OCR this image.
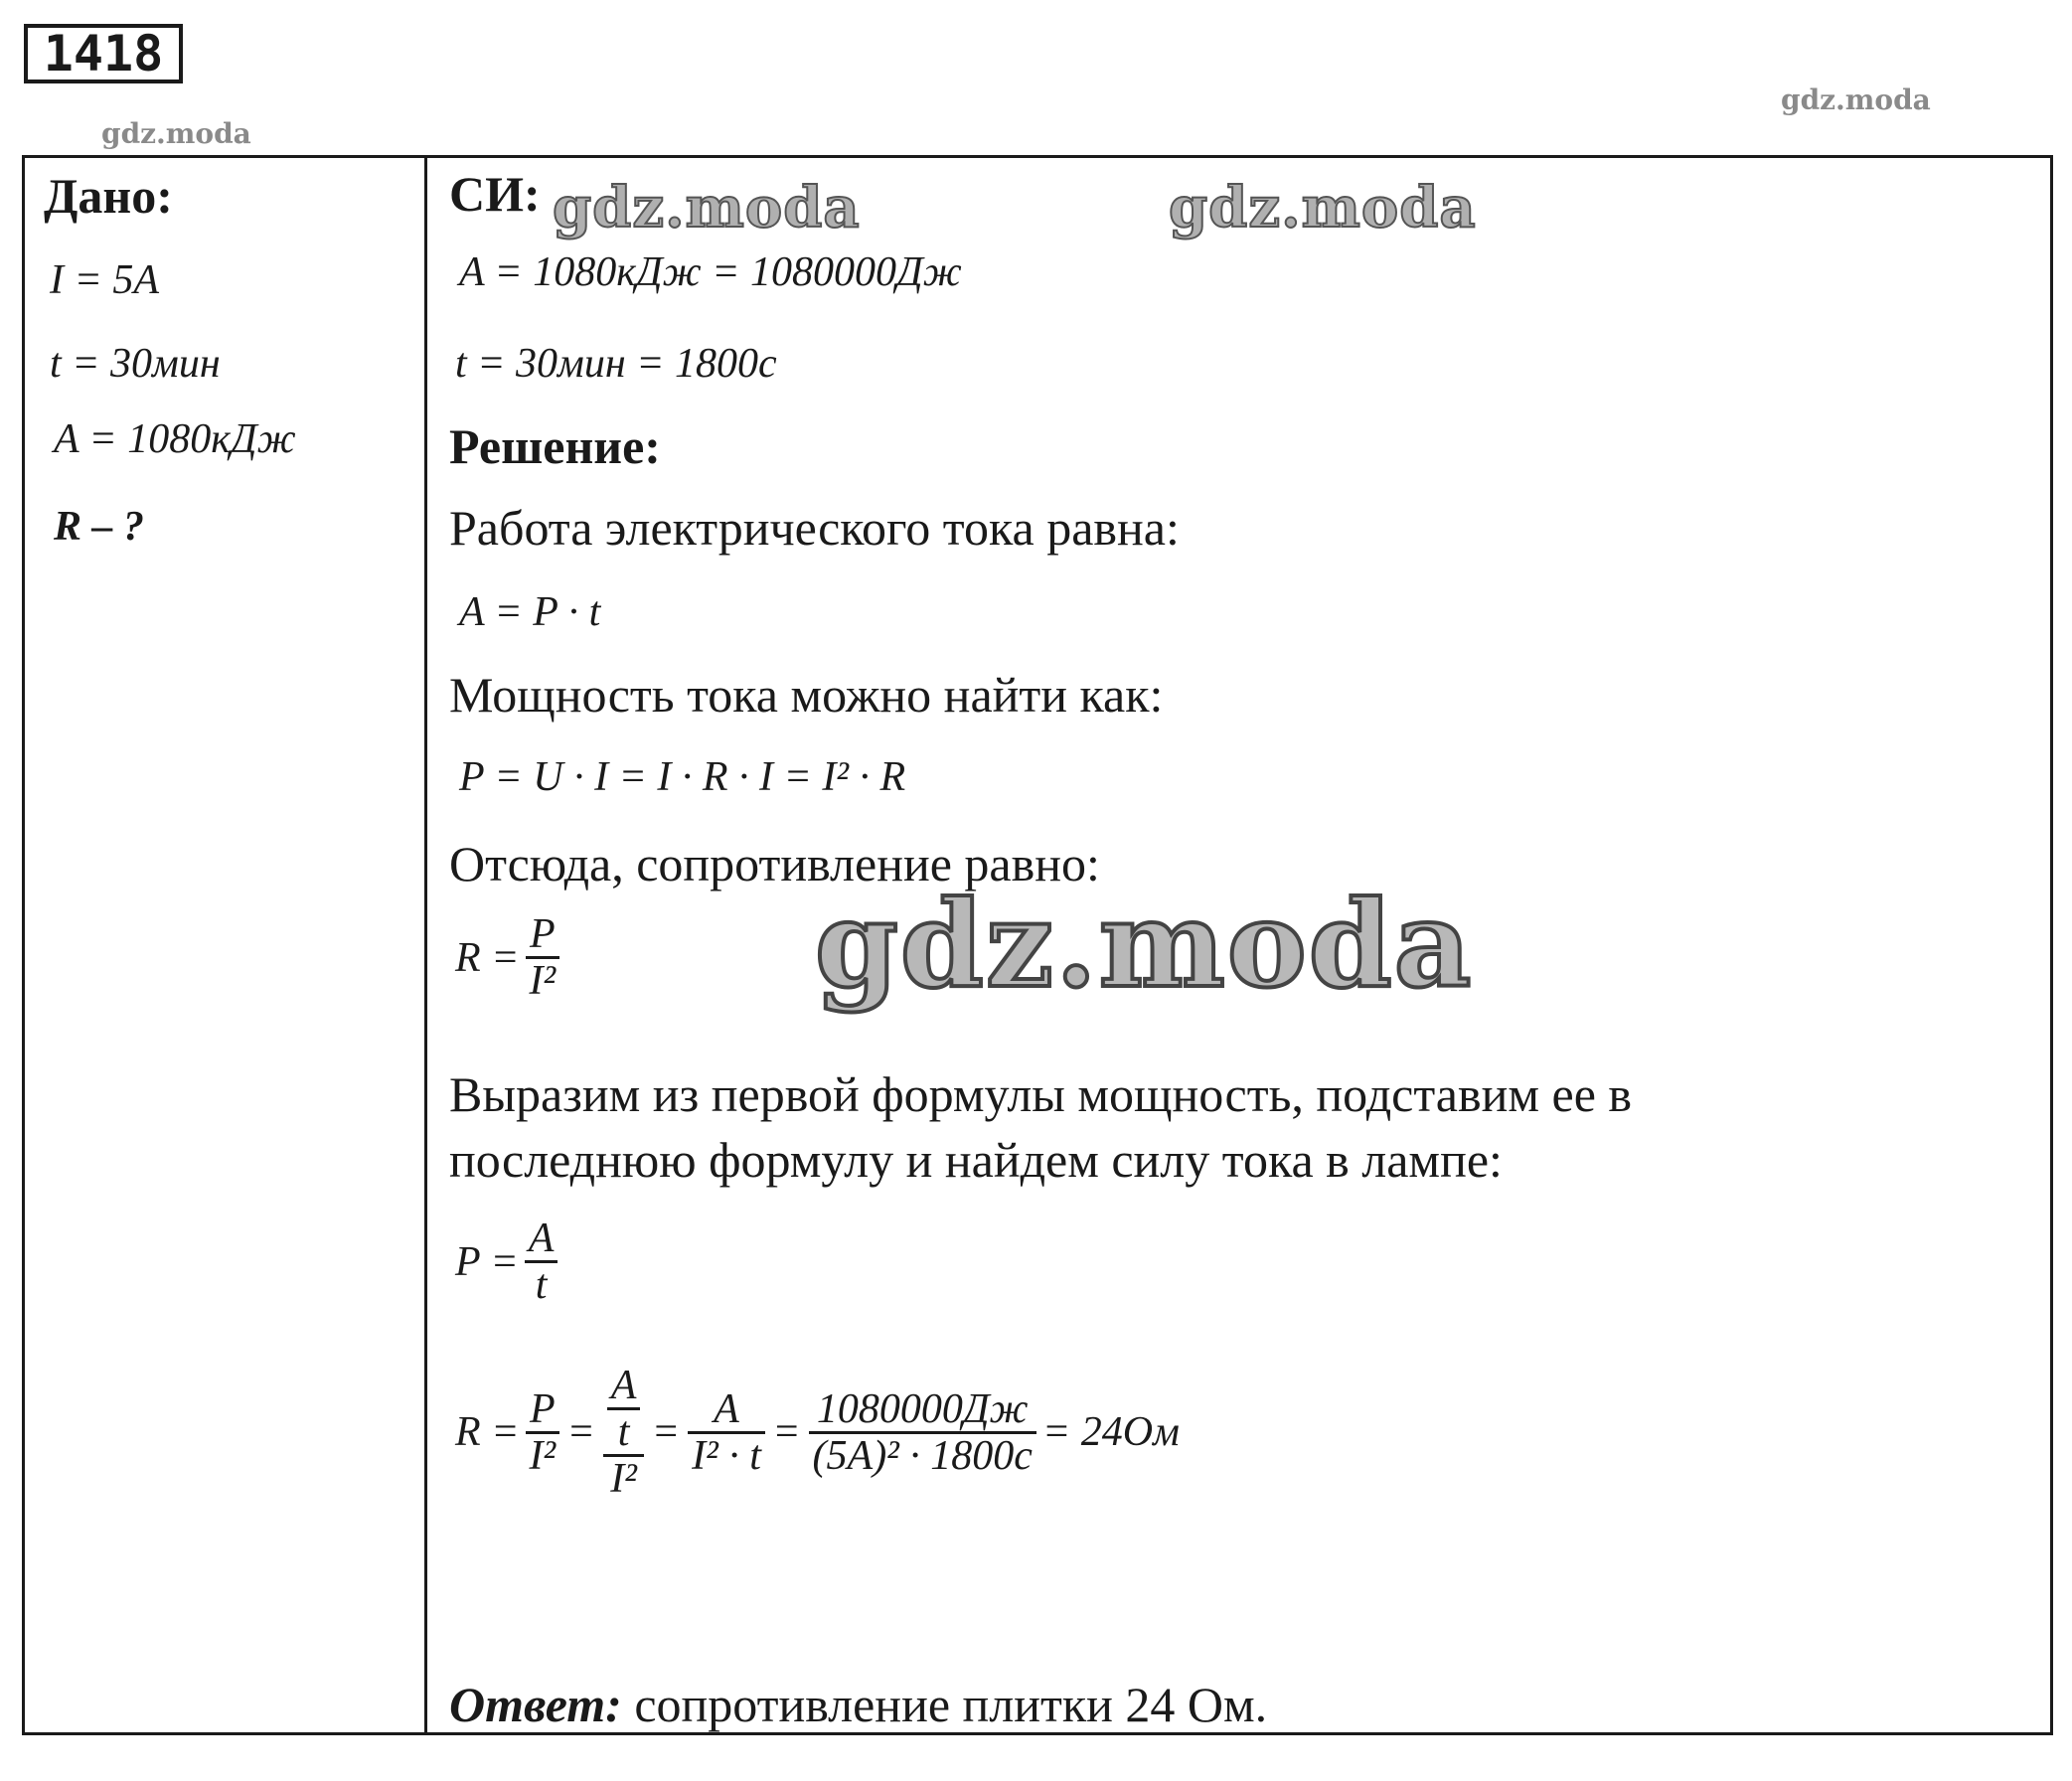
1418
gdz.moda
gdz.moda
Дано:
I = 5A
t = 30мин
A = 1080кДж
R – ?
СИ:
A = 1080кДж = 1080000Дж
t = 30мин = 1800с
Решение:
Работа электрического тока равна:
A = P · t
Мощность тока можно найти как:
P = U · I = I · R · I = I² · R
Отсюда, сопротивление равно:
$R = \frac{P}{\text{I²}}$ gdz.moda
gdz.moda	gdz.moda
Выразим из первой формулы мощность, подставим ее в
последнюю формулу и найдем силу тока в лампе:
$P = \frac{A}{t}$
$R = \frac{P}{\text{I²}} = \frac{\frac{A}{t}}{\text{I²}} = \frac{A}{\text{I² · t}} = \frac{1080000Дж}{\text{(5A)² · 1800с}} = 24Ом$
Ответ: сопротивление плитки 24 Ом.
